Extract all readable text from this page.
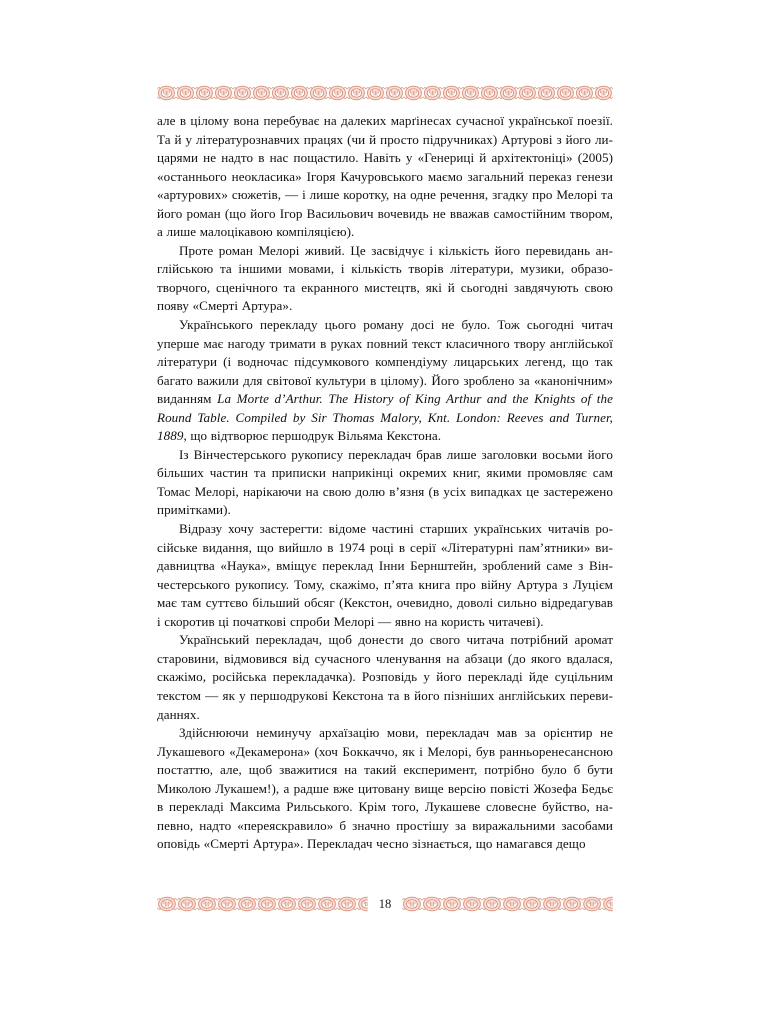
але в цілому вона перебуває на далеких марґінесах сучасної української поезії. Та й у літературознавчих працях (чи й просто підручниках) Артурові з його лицарями не надто в нас пощастило. Навіть у «Генериці й архітектоніці» (2005) «останнього неокласика» Ігоря Качуровського маємо загальний переказ генези «артурових» сюжетів, — і лише коротку, на одне речення, згадку про Мелорі та його роман (що його Ігор Васильович вочевидь не вважав самостійним твором, а лише малоцікавою компіляцією).

Проте роман Мелорі живий. Це засвідчує і кількість його перевидань англійською та іншими мовами, і кількість творів літератури, музики, образотворчого, сценічного та екранного мистецтв, які й сьогодні завдячують свою появу «Смерті Артура».

Українського перекладу цього роману досі не було. Тож сьогодні читач уперше має нагоду тримати в руках повний текст класичного твору англійської літератури (і водночас підсумкового компендіуму лицарських легенд, що так багато важили для світової культури в цілому). Його зроблено за «канонічним» виданням La Morte d’Arthur. The History of King Arthur and the Knights of the Round Table. Compiled by Sir Thomas Malory, Knt. London: Reeves and Turner, 1889, що відтворює першодрук Вільяма Кекстона.

Із Вінчестерського рукопису перекладач брав лише заголовки восьми його більших частин та приписки наприкінці окремих книг, якими промовляє сам Томас Мелорі, нарікаючи на свою долю в’язня (в усіх випадках це застережено примітками).

Відразу хочу застерегти: відоме частині старших українських читачів російське видання, що вийшло в 1974 році в серії «Літературні пам’ятники» видавництва «Наука», вміщує переклад Інни Бернштейн, зроблений саме з Вінчестерського рукопису. Тому, скажімо, п’ята книга про війну Артура з Луцієм має там суттєво більший обсяг (Кекстон, очевидно, доволі сильно відредагував і скоротив ці початкові спроби Мелорі — явно на користь читачеві).

Український перекладач, щоб донести до свого читача потрібний аромат старовини, відмовився від сучасного членування на абзаци (до якого вдалася, скажімо, російська перекладачка). Розповідь у його перекладі йде суцільним текстом — як у першодрукові Кекстона та в його пізніших англійських перевиданнях.

Здійснюючи неминучу архаїзацію мови, перекладач мав за орієнтир не Лукашевого «Декамерона» (хоч Боккаччо, як і Мелорі, був ранньоренесансною постаттю, але, щоб зважитися на такий експеримент, потрібно було б бути Миколою Лукашем!), а радше вже цитовану вище версію повісті Жозефа Бедьє в перекладі Максима Рильського. Крім того, Лукашеве словесне буйство, напевно, надто «переяскравило» б значно простішу за виражальними засобами оповідь «Смерті Артура». Перекладач чесно зізнається, що намагався дещо

18
